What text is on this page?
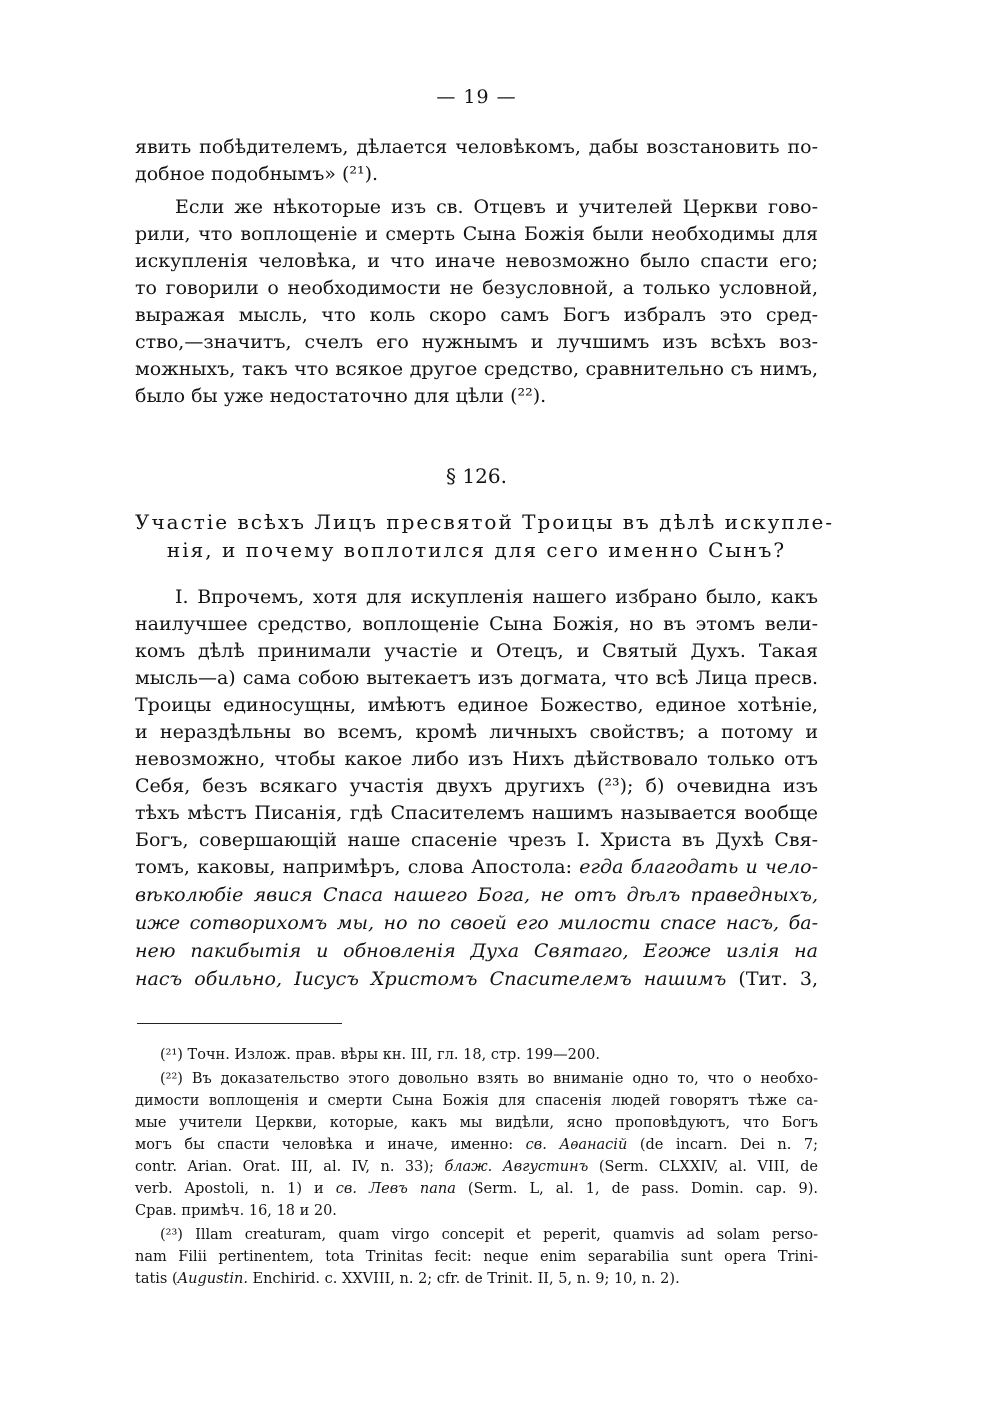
— 19 —
явить побѣдителемъ, дѣлается человѣкомъ, дабы возстановить по-
добное подобнымъ» (²¹).
Если же нѣкоторые изъ св. Отцевъ и учителей Церкви гово-
рили, что воплощеніе и смерть Сына Божія были необходимы для
искупленія человѣка, и что иначе невозможно было спасти его;
то говорили о необходимости не безусловной, а только условной,
выражая мысль, что коль скоро самъ Богъ избралъ это сред-
ство,—значитъ, счелъ его нужнымъ и лучшимъ изъ всѣхъ воз-
можныхъ, такъ что всякое другое средство, сравнительно съ нимъ,
было бы уже недостаточно для цѣли (²²).
§ 126.
Участіе всѣхъ Лицъ пресвятой Троицы въ дѣлѣ искупле-
нія, и почему воплотился для сего именно Сынъ?
I. Впрочемъ, хотя для искупленія нашего избрано было, какъ
наилучшее средство, воплощеніе Сына Божія, но въ этомъ вели-
комъ дѣлѣ принимали участіе и Отецъ, и Святый Духъ. Такая
мысль—а) сама собою вытекаетъ изъ догмата, что всѣ Лица пресв.
Троицы единосущны, имѣютъ единое Божество, единое хотѣніе,
и нераздѣльны во всемъ, кромѣ личныхъ свойствъ; а потому и
невозможно, чтобы какое либо изъ Нихъ дѣйствовало только отъ
Себя, безъ всякаго участія двухъ другихъ (²³); б) очевидна изъ
тѣхъ мѣстъ Писанія, гдѣ Спасителемъ нашимъ называется вообще
Богъ, совершающій наше спасеніе чрезъ І. Христа въ Духѣ Свя-
томъ, каковы, напримѣръ, слова Апостола: егда благодать и чело-
вѣколюбіе явися Спаса нашего Бога, не отъ дѣлъ праведныхъ,
иже сотворихомъ мы, но по своей его милости спасе насъ, ба-
нею пакибытія и обновленія Духа Святаго, Егоже излія на
насъ обильно, Іисусъ Христомъ Спасителемъ нашимъ (Тит. 3,
(²¹) Точн. Излож. прав. вѣры кн. III, гл. 18, стр. 199—200.
(²²) Въ доказательство этого довольно взять во вниманіе одно то, что о необхо-
димости воплощенія и смерти Сына Божія для спасенія людей говорятъ тѣже са-
мые учители Церкви, которые, какъ мы видѣли, ясно проповѣдуютъ, что Богъ
могъ бы спасти человѣка и иначе, именно: св. Аѳанасій (de incarn. Dei n. 7;
contr. Arian. Orat. III, al. IV, n. 33); блаж. Августинъ (Serm. CLXXIV, al. VIII, de
verb. Apostoli, n. 1) и св. Левъ папа (Serm. L, al. 1, de pass. Domin. cap. 9).
Срав. примѣч. 16, 18 и 20.
(²³) Illam creaturam, quam virgo concepit et peperit, quamvis ad solam perso-
nam Filii pertinentem, tota Trinitas fecit: neque enim separabilia sunt opera Trini-
tatis (Augustin. Enchirid. c. XXVIII, n. 2; cfr. de Trinit. II, 5, n. 9; 10, n. 2).
